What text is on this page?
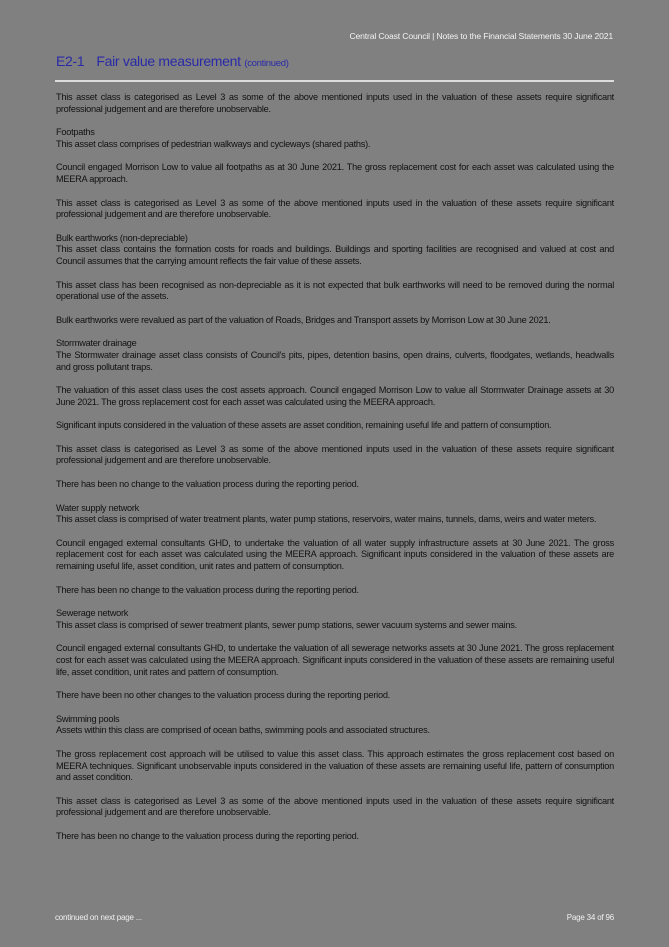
Central Coast Council | Notes to the Financial Statements 30 June 2021
E2-1 Fair value measurement (continued)

This asset class is categorised as Level 3 as some of the above mentioned inputs used in the valuation of these assets require significant professional judgement and are therefore unobservable.

Footpaths

This asset class comprises of pedestrian walkways and cycleways (shared paths).

Council engaged Morrison Low to value all footpaths as at 30 June 2021. The gross replacement cost for each asset was calculated using the MEERA approach.

This asset class is categorised as Level 3 as some of the above mentioned inputs used in the valuation of these assets require significant professional judgement and are therefore unobservable.

Bulk earthworks (non-depreciable)

This asset class contains the formation costs for roads and buildings. Buildings and sporting facilities are recognised and valued at cost and Council assumes that the carrying amount reflects the fair value of these assets.

This asset class has been recognised as non-depreciable as it is not expected that bulk earthworks will need to be removed during the normal operational use of the assets.

Bulk earthworks were revalued as part of the valuation of Roads, Bridges and Transport assets by Morrison Low at 30 June 2021.

Stormwater drainage

The Stormwater drainage asset class consists of Council's pits, pipes, detention basins, open drains, culverts, floodgates, wetlands, headwalls and gross pollutant traps.

The valuation of this asset class uses the cost assets approach. Council engaged Morrison Low to value all Stormwater Drainage assets at 30 June 2021. The gross replacement cost for each asset was calculated using the MEERA approach.

Significant inputs considered in the valuation of these assets are asset condition, remaining useful life and pattern of consumption.

This asset class is categorised as Level 3 as some of the above mentioned inputs used in the valuation of these assets require significant professional judgement and are therefore unobservable.

There has been no change to the valuation process during the reporting period.

Water supply network

This asset class is comprised of water treatment plants, water pump stations, reservoirs, water mains, tunnels, dams, weirs and water meters.

Council engaged external consultants GHD, to undertake the valuation of all water supply infrastructure assets at 30 June 2021. The gross replacement cost for each asset was calculated using the MEERA approach. Significant inputs considered in the valuation of these assets are remaining useful life, asset condition, unit rates and pattern of consumption.

There has been no change to the valuation process during the reporting period.

Sewerage network

This asset class is comprised of sewer treatment plants, sewer pump stations, sewer vacuum systems and sewer mains.

Council engaged external consultants GHD, to undertake the valuation of all sewerage networks assets at 30 June 2021. The gross replacement cost for each asset was calculated using the MEERA approach. Significant inputs considered in the valuation of these assets are remaining useful life, asset condition, unit rates and pattern of consumption.

There have been no other changes to the valuation process during the reporting period.

Swimming pools

Assets within this class are comprised of ocean baths, swimming pools and associated structures.

The gross replacement cost approach will be utilised to value this asset class. This approach estimates the gross replacement cost based on MEERA techniques. Significant unobservable inputs considered in the valuation of these assets are remaining useful life, pattern of consumption and asset condition.

This asset class is categorised as Level 3 as some of the above mentioned inputs used in the valuation of these assets require significant professional judgement and are therefore unobservable.

There has been no change to the valuation process during the reporting period.

continued on next page ...	Page 34 of 96
